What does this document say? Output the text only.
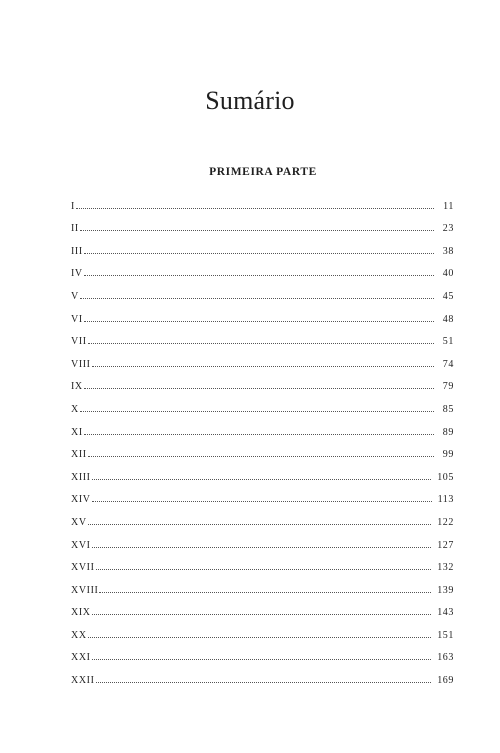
Sumário
PRIMEIRA PARTE
I	11
II	23
III	38
IV	40
V	45
VI	48
VII	51
VIII	74
IX	79
X	85
XI	89
XII	99
XIII	105
XIV	113
XV	122
XVI	127
XVII	132
XVIII	139
XIX	143
XX	151
XXI	163
XXII	169
